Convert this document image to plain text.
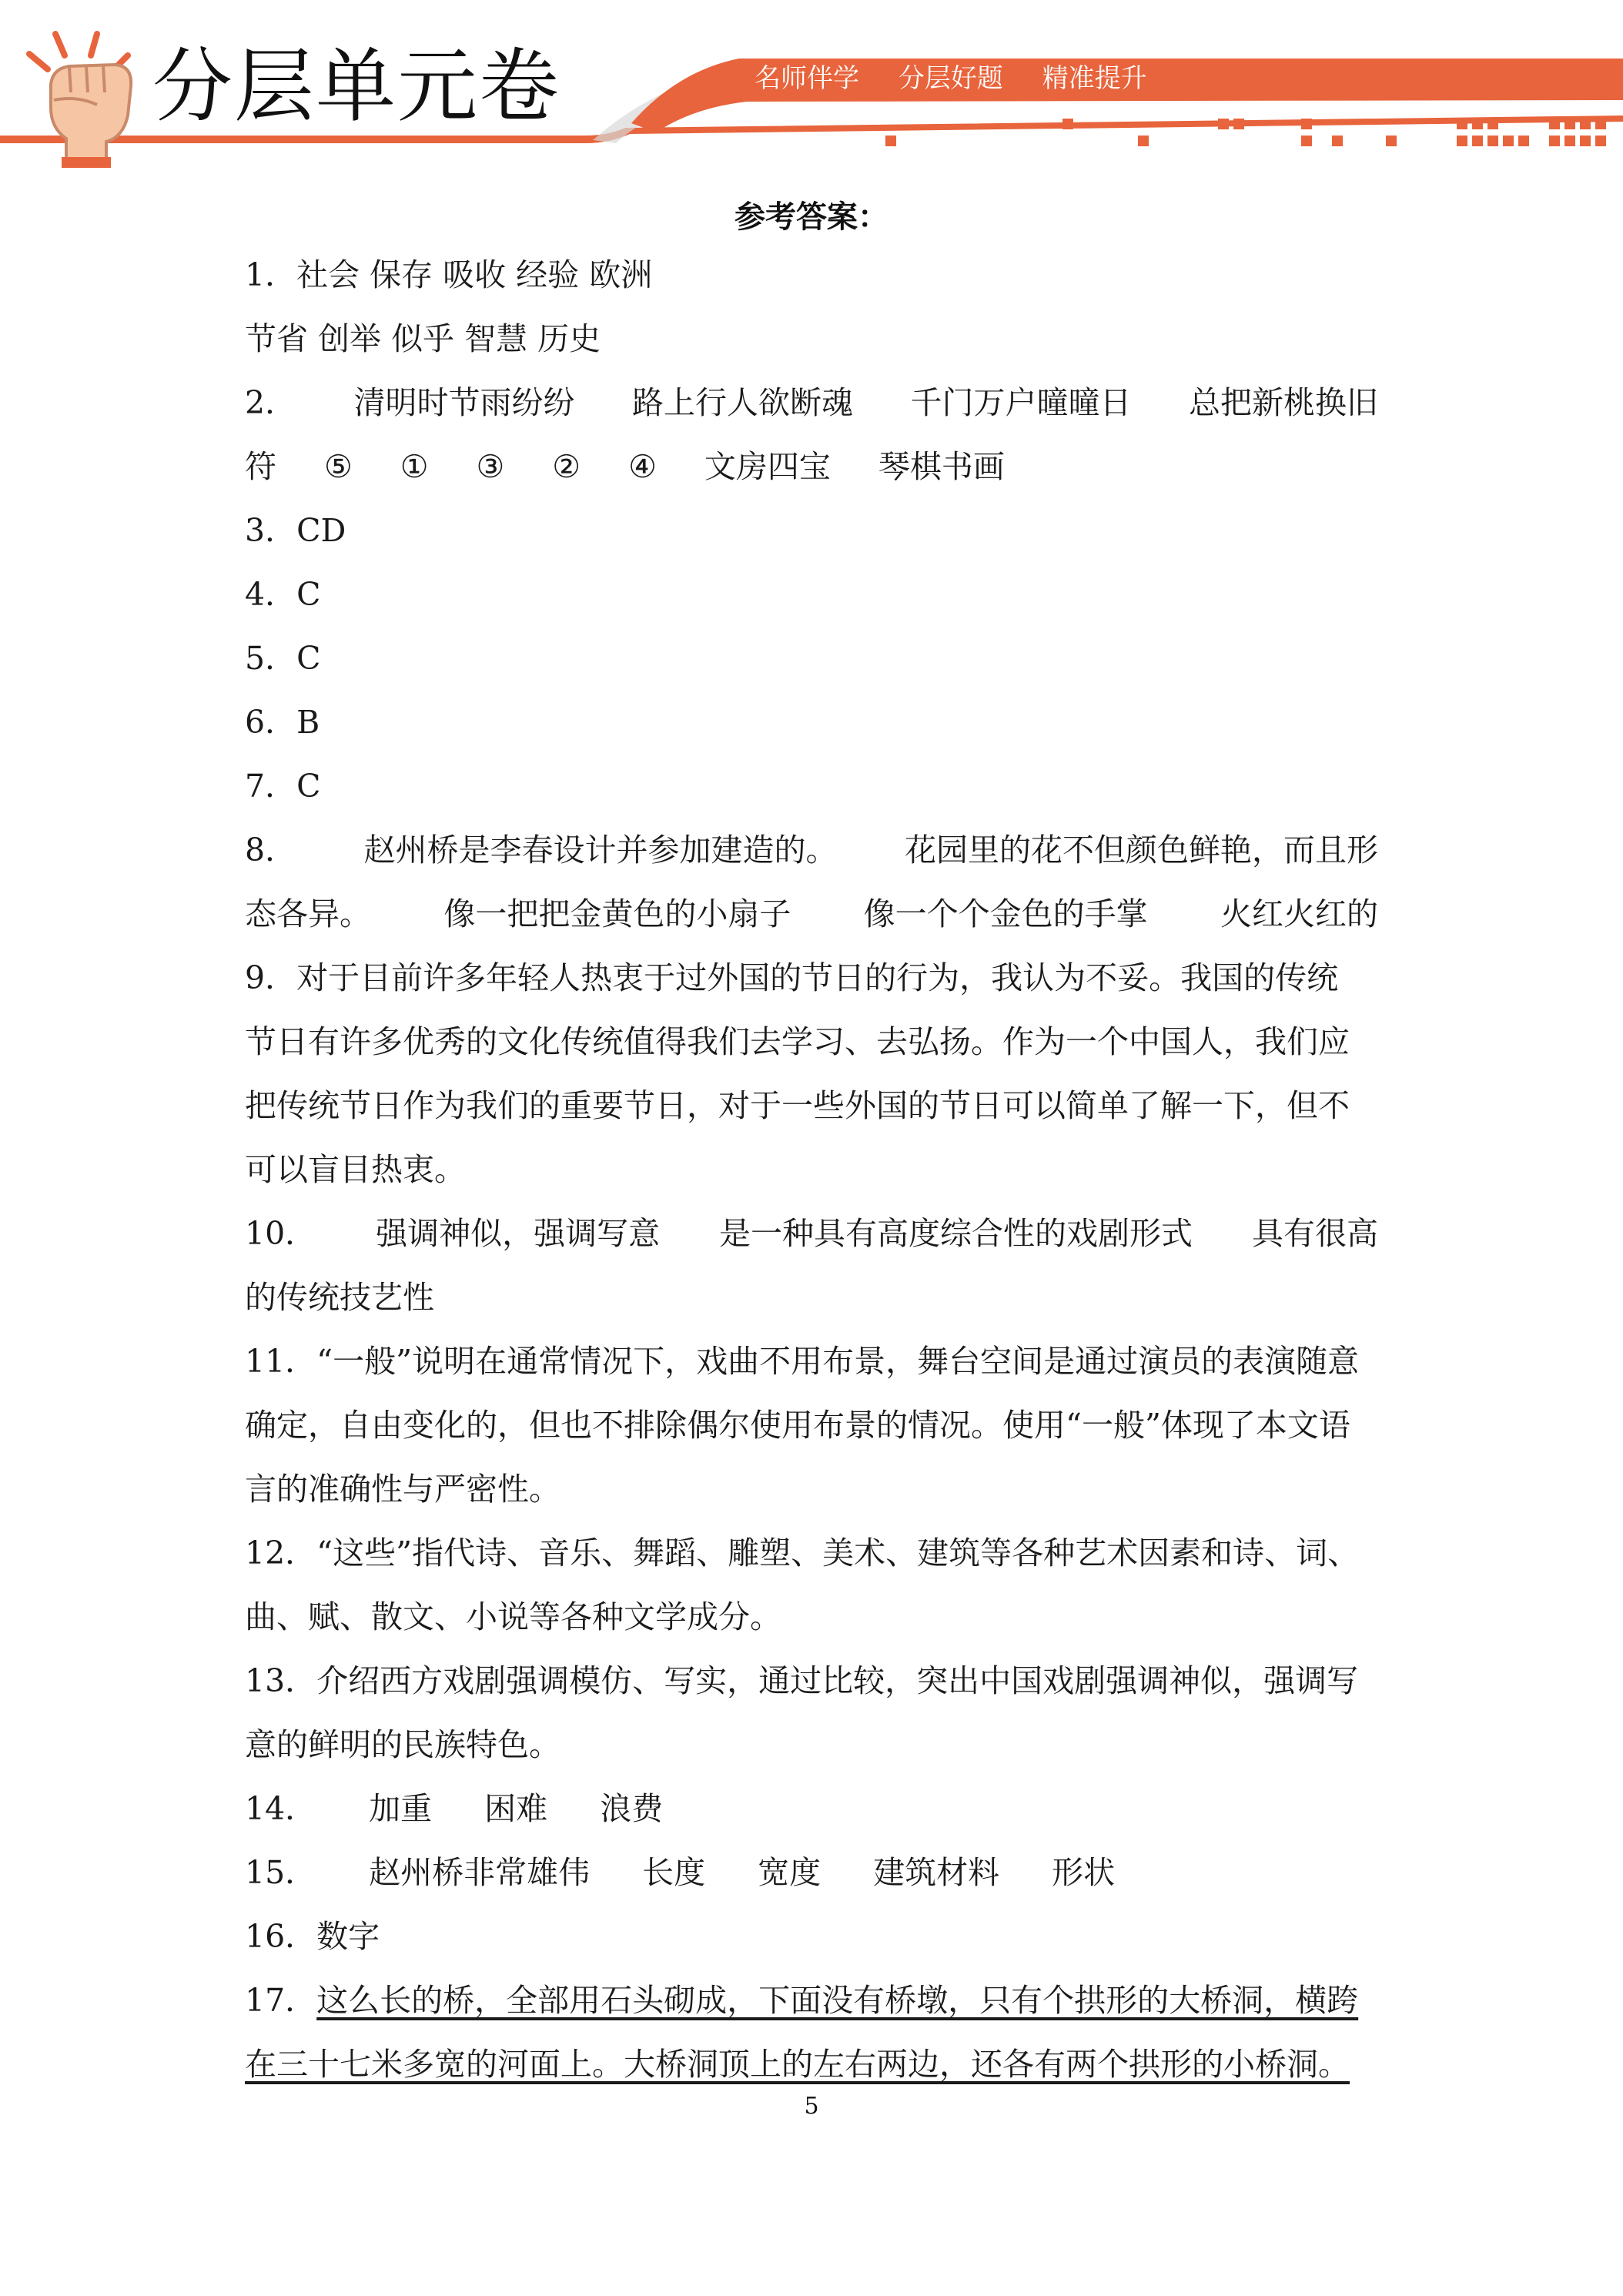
分层单元卷	名师伴学 分层好题 精准提升
参考答案：
1．社会 保存 吸收 经验 欧洲
节省 创举 似乎 智慧 历史
2． 清明时节雨纷纷 路上行人欲断魂 千门万户曈曈日 总把新桃换旧
符 ⑤ ① ③ ② ④ 文房四宝 琴棋书画
3．CD
4．C
5．C
6．B
7．C
8． 赵州桥是李春设计并参加建造的。 花园里的花不但颜色鲜艳，而且形
态各异。 像一把把金黄色的小扇子 像一个个金色的手掌 火红火红的
9．对于目前许多年轻人热衷于过外国的节日的行为，我认为不妥。我国的传统
节日有许多优秀的文化传统值得我们去学习、去弘扬。作为一个中国人，我们应
把传统节日作为我们的重要节日，对于一些外国的节日可以简单了解一下，但不
可以盲目热衷。
10． 强调神似，强调写意 是一种具有高度综合性的戏剧形式 具有很高
的传统技艺性
11．“一般”说明在通常情况下，戏曲不用布景，舞台空间是通过演员的表演随意
确定，自由变化的，但也不排除偶尔使用布景的情况。使用“一般”体现了本文语
言的准确性与严密性。
12．“这些”指代诗、音乐、舞蹈、雕塑、美术、建筑等各种艺术因素和诗、词、
曲、赋、散文、小说等各种文学成分。
13．介绍西方戏剧强调模仿、写实，通过比较，突出中国戏剧强调神似，强调写
意的鲜明的民族特色。
14． 加重 困难 浪费
15． 赵州桥非常雄伟 长度 宽度 建筑材料 形状
16．数字
17．这么长的桥，全部用石头砌成，下面没有桥墩，只有个拱形的大桥洞，横跨
在三十七米多宽的河面上。大桥洞顶上的左右两边，还各有两个拱形的小桥洞。
5
